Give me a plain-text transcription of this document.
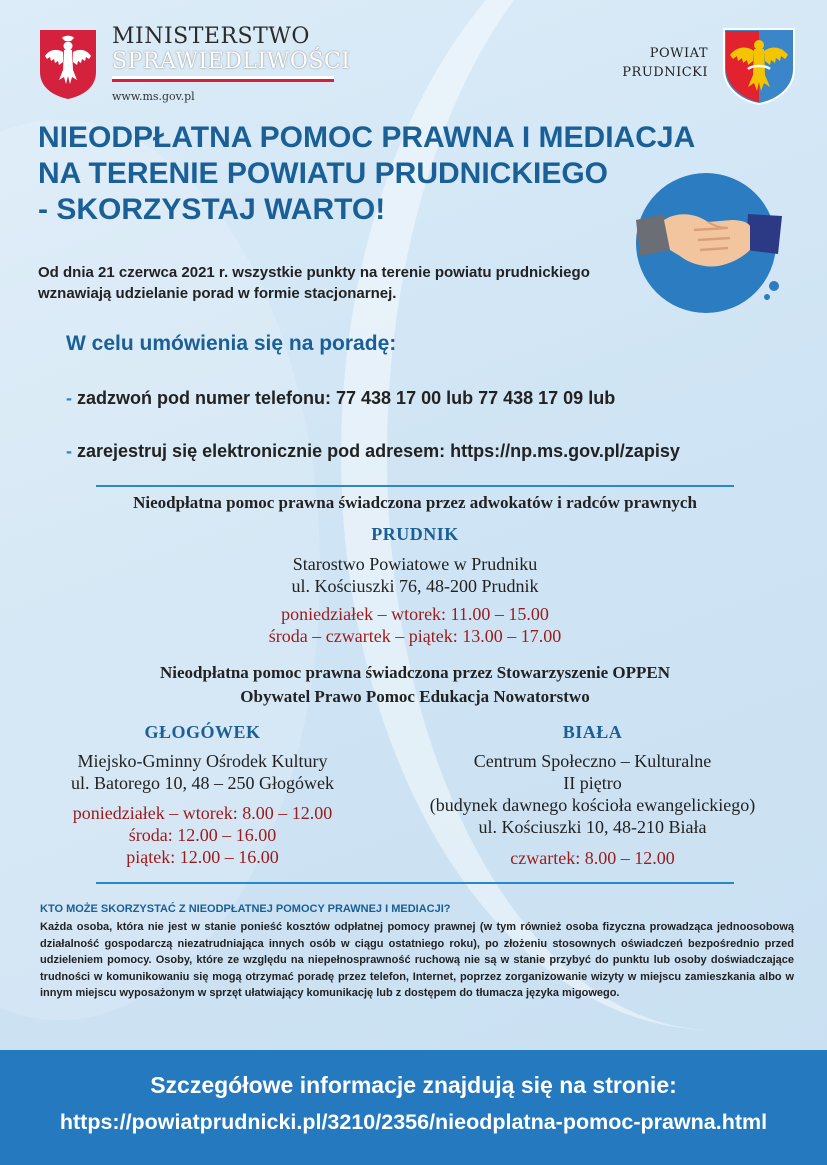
MINISTERSTWO
SPRAWIEDLIWOŚCI
www.ms.gov.pl
POWIAT
PRUDNICKI
NIEODPŁATNA POMOC PRAWNA I MEDIACJA
NA TERENIE POWIATU PRUDNICKIEGO
- SKORZYSTAJ WARTO!
Od dnia 21 czerwca 2021 r. wszystkie punkty na terenie powiatu prudnickiego wznawiają udzielanie porad w formie stacjonarnej.
W celu umówienia się na poradę:
- zadzwoń pod numer telefonu: 77 438 17 00 lub 77 438 17 09 lub
- zarejestruj się elektronicznie pod adresem: https://np.ms.gov.pl/zapisy
Nieodpłatna pomoc prawna świadczona przez adwokatów i radców prawnych
PRUDNIK
Starostwo Powiatowe w Prudniku
ul. Kościuszki 76, 48-200 Prudnik
poniedziałek – wtorek: 11.00 – 15.00
środa – czwartek – piątek: 13.00 – 17.00
Nieodpłatna pomoc prawna świadczona przez Stowarzyszenie OPPEN
Obywatel Prawo Pomoc Edukacja Nowatorstwo
GŁOGÓWEK
Miejsko-Gminny Ośrodek Kultury
ul. Batorego 10, 48 – 250 Głogówek
poniedziałek – wtorek: 8.00 – 12.00
środa: 12.00 – 16.00
piątek: 12.00 – 16.00
BIAŁA
Centrum Społeczno – Kulturalne
II piętro
(budynek dawnego kościoła ewangelickiego)
ul. Kościuszki 10, 48-210 Biała
czwartek: 8.00 – 12.00
KTO MOŻE SKORZYSTAĆ Z NIEODPŁATNEJ POMOCY PRAWNEJ I MEDIACJI?
Każda osoba, która nie jest w stanie ponieść kosztów odpłatnej pomocy prawnej (w tym również osoba fizyczna prowadząca jednoosobową działalność gospodarczą niezatrudniająca innych osób w ciągu ostatniego roku), po złożeniu stosownych oświadczeń bezpośrednio przed udzieleniem pomocy. Osoby, które ze względu na niepełnosprawność ruchową nie są w stanie przybyć do punktu lub osoby doświadczające trudności w komunikowaniu się mogą otrzymać poradę przez telefon, Internet, poprzez zorganizowanie wizyty w miejscu zamieszkania albo w innym miejscu wyposażonym w sprzęt ułatwiający komunikację lub z dostępem do tłumacza języka migowego.
Szczegółowe informacje znajdują się na stronie:
https://powiatprudnicki.pl/3210/2356/nieodplatna-pomoc-prawna.html
